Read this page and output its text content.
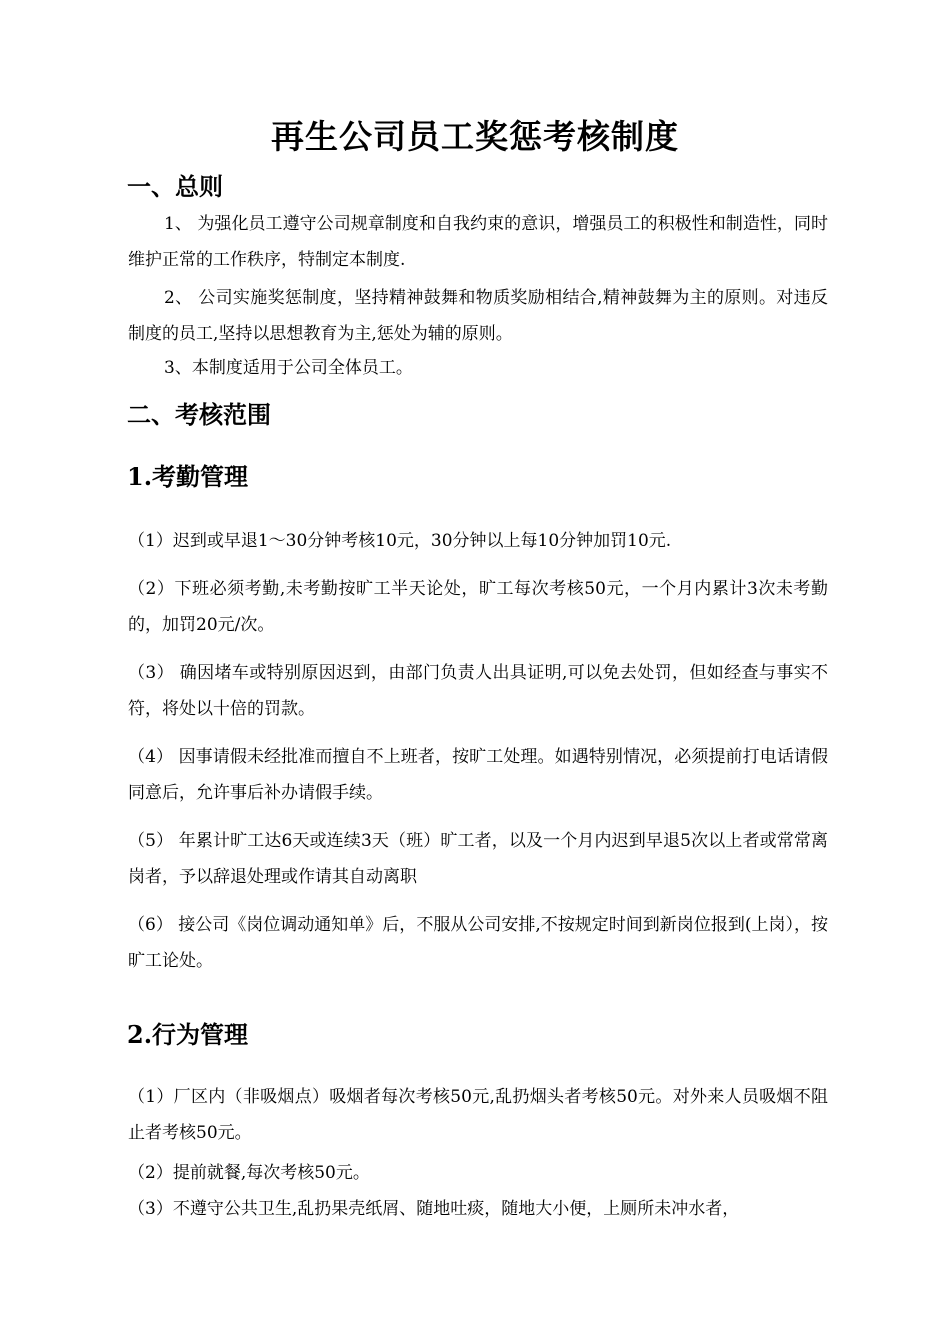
再生公司员工奖惩考核制度
一、总则
1、 为强化员工遵守公司规章制度和自我约束的意识，增强员工的积极性和制造性，同时维护正常的工作秩序，特制定本制度.
2、 公司实施奖惩制度，坚持精神鼓舞和物质奖励相结合,精神鼓舞为主的原则。对违反制度的员工,坚持以思想教育为主,惩处为辅的原则。
3、本制度适用于公司全体员工。
二、考核范围
1.考勤管理
（1）迟到或早退1～30分钟考核10元，30分钟以上每10分钟加罚10元.
（2）下班必须考勤,未考勤按旷工半天论处，旷工每次考核50元，一个月内累计3次未考勤的，加罚20元/次。
（3） 确因堵车或特别原因迟到，由部门负责人出具证明,可以免去处罚，但如经查与事实不符，将处以十倍的罚款。
（4） 因事请假未经批准而擅自不上班者，按旷工处理。如遇特别情况，必须提前打电话请假同意后，允许事后补办请假手续。
（5） 年累计旷工达6天或连续3天（班）旷工者，以及一个月内迟到早退5次以上者或常常离岗者，予以辞退处理或作请其自动离职
（6） 接公司《岗位调动通知单》后，不服从公司安排,不按规定时间到新岗位报到(上岗），按旷工论处。
2.行为管理
（1）厂区内（非吸烟点）吸烟者每次考核50元,乱扔烟头者考核50元。对外来人员吸烟不阻止者考核50元。
（2）提前就餐,每次考核50元。
（3）不遵守公共卫生,乱扔果壳纸屑、随地吐痰，随地大小便，上厕所未冲水者，
